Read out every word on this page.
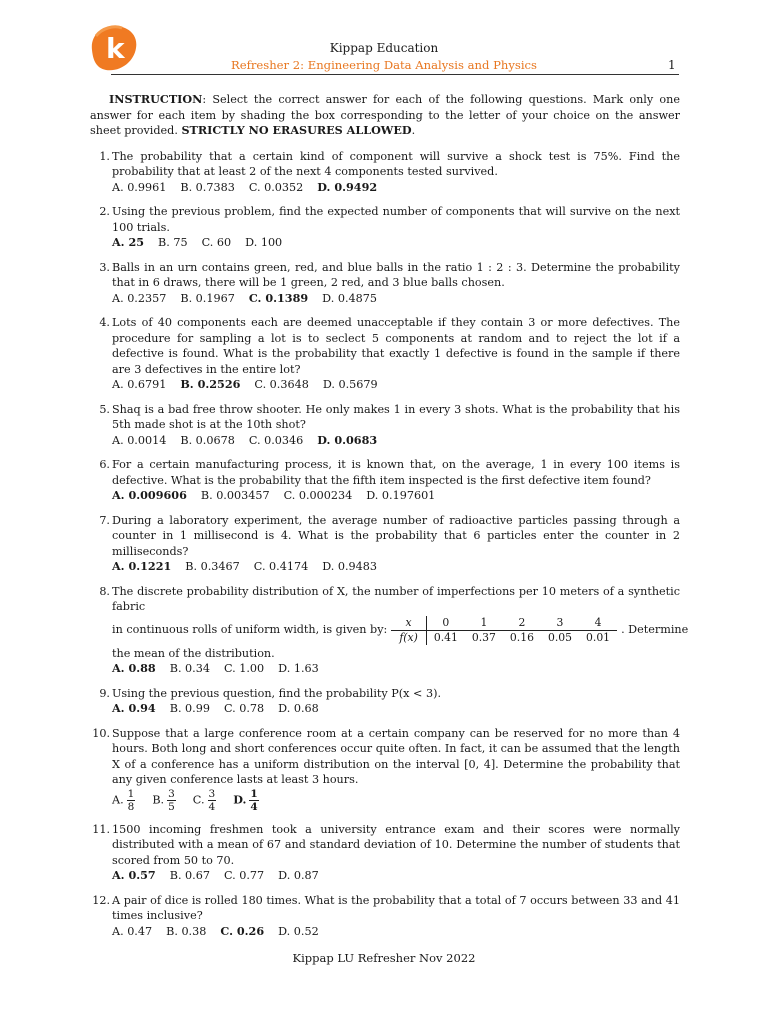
k	Kippap Education
Refresher 2: Engineering Data Analysis and Physics	1

INSTRUCTION: Select the correct answer for each of the following questions. Mark only one answer for each item by shading the box corresponding to the letter of your choice on the answer sheet provided. STRICTLY NO ERASURES ALLOWED.

1. The probability that a certain kind of component will survive a shock test is 75%. Find the probability that at least 2 of the next 4 components tested survived.
A. 0.9961 B. 0.7383 C. 0.0352 D. 0.9492
2. Using the previous problem, find the expected number of components that will survive on the next 100 trials.
A. 25 B. 75 C. 60 D. 100
3. Balls in an urn contains green, red, and blue balls in the ratio 1 : 2 : 3. Determine the probability that in 6 draws, there will be 1 green, 2 red, and 3 blue balls chosen.
A. 0.2357 B. 0.1967 C. 0.1389 D. 0.4875
4. Lots of 40 components each are deemed unacceptable if they contain 3 or more defectives. The procedure for sampling a lot is to seclect 5 components at random and to reject the lot if a defective is found. What is the probability that exactly 1 defective is found in the sample if there are 3 defectives in the entire lot?
A. 0.6791 B. 0.2526 C. 0.3648 D. 0.5679
5. Shaq is a bad free throw shooter. He only makes 1 in every 3 shots. What is the probability that his 5th made shot is at the 10th shot?
A. 0.0014 B. 0.0678 C. 0.0346 D. 0.0683
6. For a certain manufacturing process, it is known that, on the average, 1 in every 100 items is defective. What is the probability that the fifth item inspected is the first defective item found?
A. 0.009606 B. 0.003457 C. 0.000234 D. 0.197601
7. During a laboratory experiment, the average number of radioactive particles passing through a counter in 1 millisecond is 4. What is the probability that 6 particles enter the counter in 2 milliseconds?
A. 0.1221 B. 0.3467 C. 0.4174 D. 0.9483
8. The discrete probability distribution of X, the number of imperfections per 10 meters of a synthetic fabric
in continuous rolls of uniform width, is given by:
x	0	1	2	3	4
f(x)	0.41	0.37	0.16	0.05	0.01
. Determine
the mean of the distribution.
A. 0.88 B. 0.34 C. 1.00 D. 1.63
9. Using the previous question, find the probability P(x < 3).
A. 0.94 B. 0.99 C. 0.78 D. 0.68
10. Suppose that a large conference room at a certain company can be reserved for no more than 4 hours. Both long and short conferences occur quite often. In fact, it can be assumed that the length X of a conference has a uniform distribution on the interval [0, 4]. Determine the probability that any given conference lasts at least 3 hours.
A. $\frac{1}{8} B$. $\frac{3}{5} C$. $\frac{3}{4} D$. $\frac{1}{4}$
11. 1500 incoming freshmen took a university entrance exam and their scores were normally distributed with a mean of 67 and standard deviation of 10. Determine the number of students that scored from 50 to 70.
A. 0.57 B. 0.67 C. 0.77 D. 0.87
12. A pair of dice is rolled 180 times. What is the probability that a total of 7 occurs between 33 and 41 times inclusive?
A. 0.47 B. 0.38 C. 0.26 D. 0.52
Kippap LU Refresher Nov 2022
